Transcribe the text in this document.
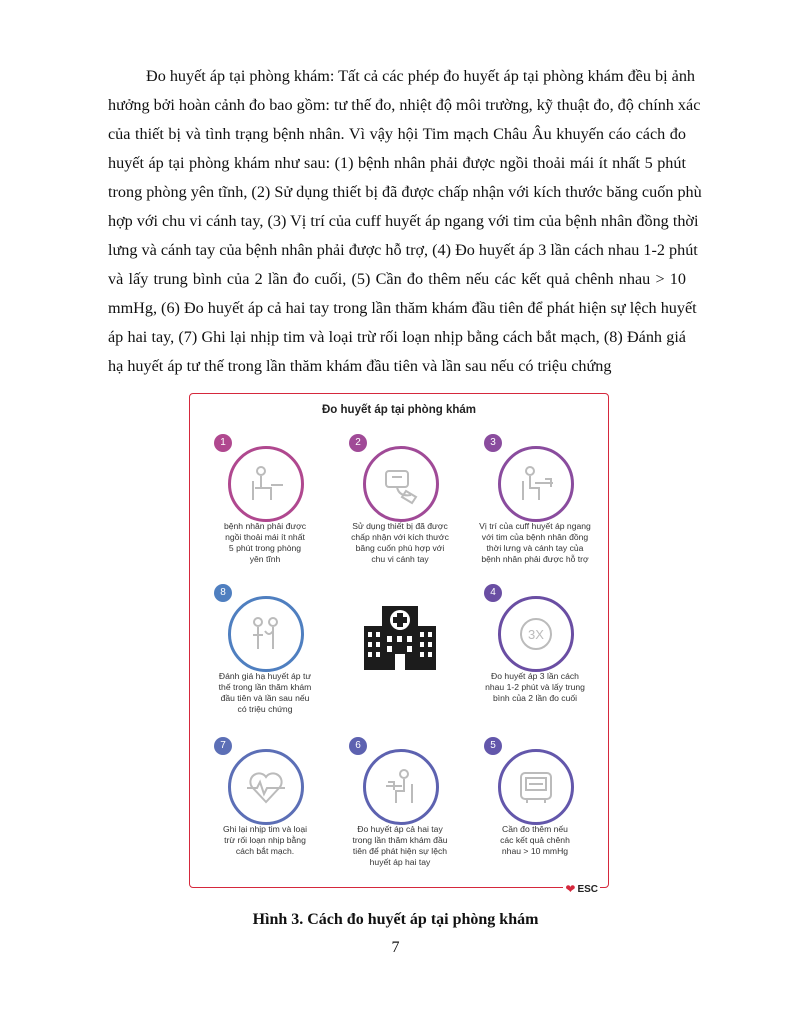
Đo huyết áp tại phòng khám: Tất cả các phép đo huyết áp tại phòng khám đều bị ảnh
hưởng bởi hoàn cảnh đo bao gồm: tư thế đo, nhiệt độ môi trường, kỹ thuật đo, độ chính xác
của thiết bị và tình trạng bệnh nhân. Vì vậy hội Tim mạch Châu Âu khuyến cáo cách đo
huyết áp tại phòng khám như sau: (1) bệnh nhân phải được ngồi thoải mái ít nhất 5 phút
trong phòng yên tĩnh, (2) Sử dụng thiết bị đã được chấp nhận với kích thước băng cuốn phù
hợp với chu vi cánh tay, (3) Vị trí của cuff huyết áp ngang với tim của bệnh nhân đồng thời
lưng và cánh tay của bệnh nhân phải được hỗ trợ, (4) Đo huyết áp 3 lần cách nhau 1-2 phút
và lấy trung bình của 2 lần đo cuối, (5) Cần đo thêm nếu các kết quả chênh nhau > 10
mmHg, (6) Đo huyết áp cả hai tay trong lần thăm khám đầu tiên để phát hiện sự lệch huyết
áp hai tay, (7) Ghi lại nhịp tim và loại trừ rối loạn nhịp bằng cách bắt mạch, (8) Đánh giá
hạ huyết áp tư thế trong lần thăm khám đầu tiên và lần sau nếu có triệu chứng
Đo huyết áp tại phòng khám
1
bệnh nhân phải được
ngồi thoải mái ít nhất
5 phút trong phòng
yên tĩnh
2
Sử dụng thiết bị đã được
chấp nhận với kích thước
băng cuốn phù hợp với
chu vi cánh tay
3
Vị trí của cuff huyết áp ngang
với tim của bệnh nhân đồng
thời lưng và cánh tay của
bệnh nhân phải được hỗ trợ
8
Đánh giá hạ huyết áp tư
thế trong lần thăm khám
đầu tiên và lần sau nếu
có triệu chứng
4
3X
Đo huyết áp 3 lần cách
nhau 1-2 phút và lấy trung
bình của 2 lần đo cuối
7
Ghi lại nhịp tim và loại
trừ rối loạn nhịp bằng
cách bắt mạch.
6
Đo huyết áp cả hai tay
trong lần thăm khám đầu
tiên để phát hiện sự lệch
huyết áp hai tay
5
Cần đo thêm nếu
các kết quả chênh
nhau > 10 mmHg
❤ ESC
Hình 3. Cách đo huyết áp tại phòng khám
7
